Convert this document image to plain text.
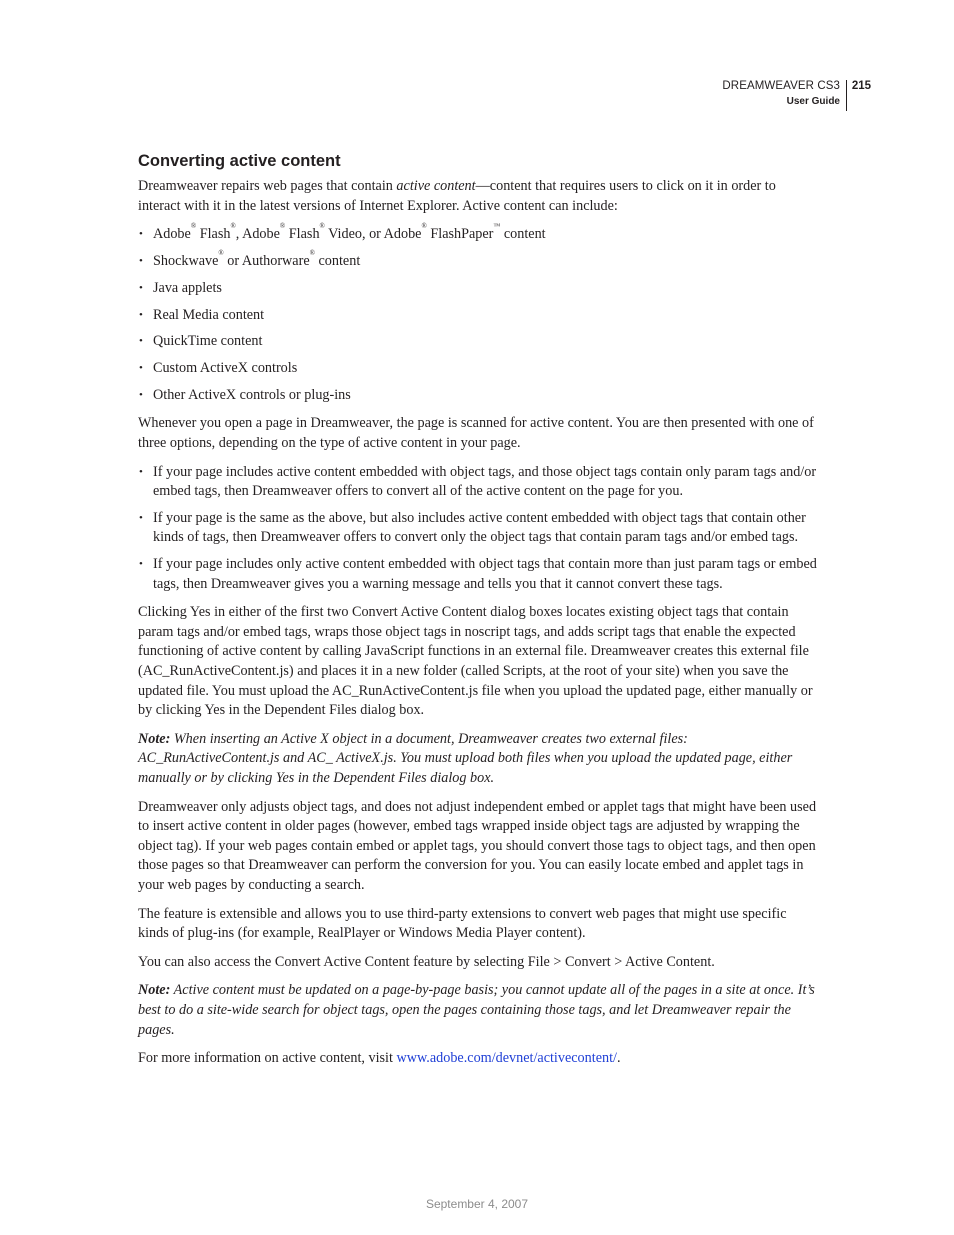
DREAMWEAVER CS3
User Guide
215
Converting active content

Dreamweaver repairs web pages that contain active content—content that requires users to click on it in order to interact with it in the latest versions of Internet Explorer. Active content can include:

• Adobe® Flash®, Adobe® Flash® Video, or Adobe® FlashPaper™ content
• Shockwave® or Authorware® content
• Java applets
• Real Media content
• QuickTime content
• Custom ActiveX controls
• Other ActiveX controls or plug-ins

Whenever you open a page in Dreamweaver, the page is scanned for active content. You are then presented with one of three options, depending on the type of active content in your page.

• If your page includes active content embedded with object tags, and those object tags contain only param tags and/or embed tags, then Dreamweaver offers to convert all of the active content on the page for you.
• If your page is the same as the above, but also includes active content embedded with object tags that contain other kinds of tags, then Dreamweaver offers to convert only the object tags that contain param tags and/or embed tags.
• If your page includes only active content embedded with object tags that contain more than just param tags or embed tags, then Dreamweaver gives you a warning message and tells you that it cannot convert these tags.

Clicking Yes in either of the first two Convert Active Content dialog boxes locates existing object tags that contain param tags and/or embed tags, wraps those object tags in noscript tags, and adds script tags that enable the expected functioning of active content by calling JavaScript functions in an external file. Dreamweaver creates this external file (AC_RunActiveContent.js) and places it in a new folder (called Scripts, at the root of your site) when you save the updated file. You must upload the AC_RunActiveContent.js file when you upload the updated page, either manually or by clicking Yes in the Dependent Files dialog box.

Note: When inserting an Active X object in a document, Dreamweaver creates two external files: AC_RunActiveContent.js and AC_ ActiveX.js. You must upload both files when you upload the updated page, either manually or by clicking Yes in the Dependent Files dialog box.

Dreamweaver only adjusts object tags, and does not adjust independent embed or applet tags that might have been used to insert active content in older pages (however, embed tags wrapped inside object tags are adjusted by wrapping the object tag). If your web pages contain embed or applet tags, you should convert those tags to object tags, and then open those pages so that Dreamweaver can perform the conversion for you. You can easily locate embed and applet tags in your web pages by conducting a search.

The feature is extensible and allows you to use third-party extensions to convert web pages that might use specific kinds of plug-ins (for example, RealPlayer or Windows Media Player content).

You can also access the Convert Active Content feature by selecting File > Convert > Active Content.

Note: Active content must be updated on a page-by-page basis; you cannot update all of the pages in a site at once. It’s best to do a site-wide search for object tags, open the pages containing those tags, and let Dreamweaver repair the pages.

For more information on active content, visit www.adobe.com/devnet/activecontent/.

September 4, 2007
